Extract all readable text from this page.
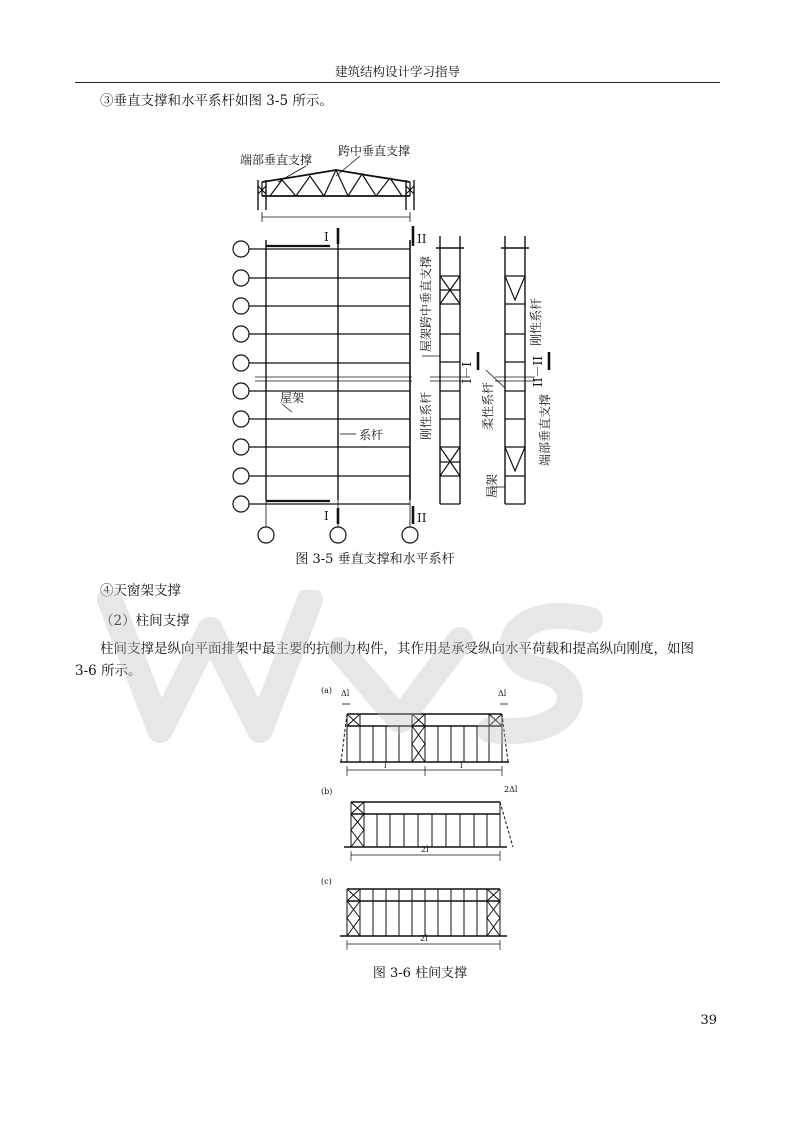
建筑结构设计学习指导
③垂直支撑和水平系杆如图 3-5 所示。
端部垂直支撑
跨中垂直支撑
屋架
系杆
I
I
II
II
屋架跨中垂直支撑
刚性系杆
I－I
柔性系杆
屋架
II－II
刚性系杆
端部垂直支撑
图 3-5 垂直支撑和水平系杆
④天窗架支撑
（2）柱间支撑
柱间支撑是纵向平面排架中最主要的抗侧力构件，其作用是承受纵向水平荷载和提高纵向刚度，如图
3-6 所示。
(a) Δl	Δl
l	l
(b)	2Δl
2l
(c)
2l
图 3-6 柱间支撑
39
